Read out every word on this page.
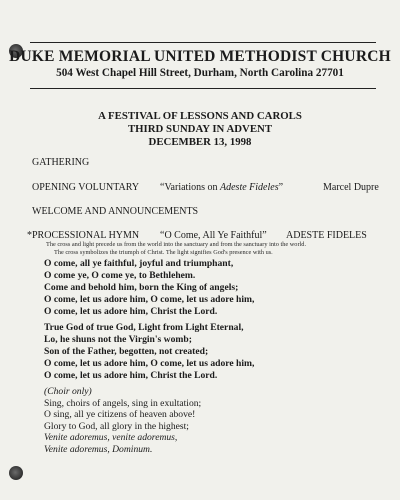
DUKE MEMORIAL UNITED METHODIST CHURCH
504 West Chapel Hill Street, Durham, North Carolina 27701
A FESTIVAL OF LESSONS AND CAROLS
THIRD SUNDAY IN ADVENT
DECEMBER 13, 1998
GATHERING
OPENING VOLUNTARY “Variations on Adeste Fideles”	Marcel Dupre
WELCOME AND ANNOUNCEMENTS
*PROCESSIONAL HYMN “O Come, All Ye Faithful” ADESTE FIDELES
The cross and light precede us from the world into the sanctuary and from the sanctuary into the world.
The cross symbolizes the triumph of Christ. The light signifies God's presence with us.
O come, all ye faithful, joyful and triumphant,
O come ye, O come ye, to Bethlehem.
Come and behold him, born the King of angels;
O come, let us adore him, O come, let us adore him,
O come, let us adore him, Christ the Lord.
True God of true God, Light from Light Eternal,
Lo, he shuns not the Virgin's womb;
Son of the Father, begotten, not created;
O come, let us adore him, O come, let us adore him,
O come, let us adore him, Christ the Lord.
(Choir only)
Sing, choirs of angels, sing in exultation;
O sing, all ye citizens of heaven above!
Glory to God, all glory in the highest;
Venite adoremus, venite adoremus,
Venite adoremus, Dominum.
